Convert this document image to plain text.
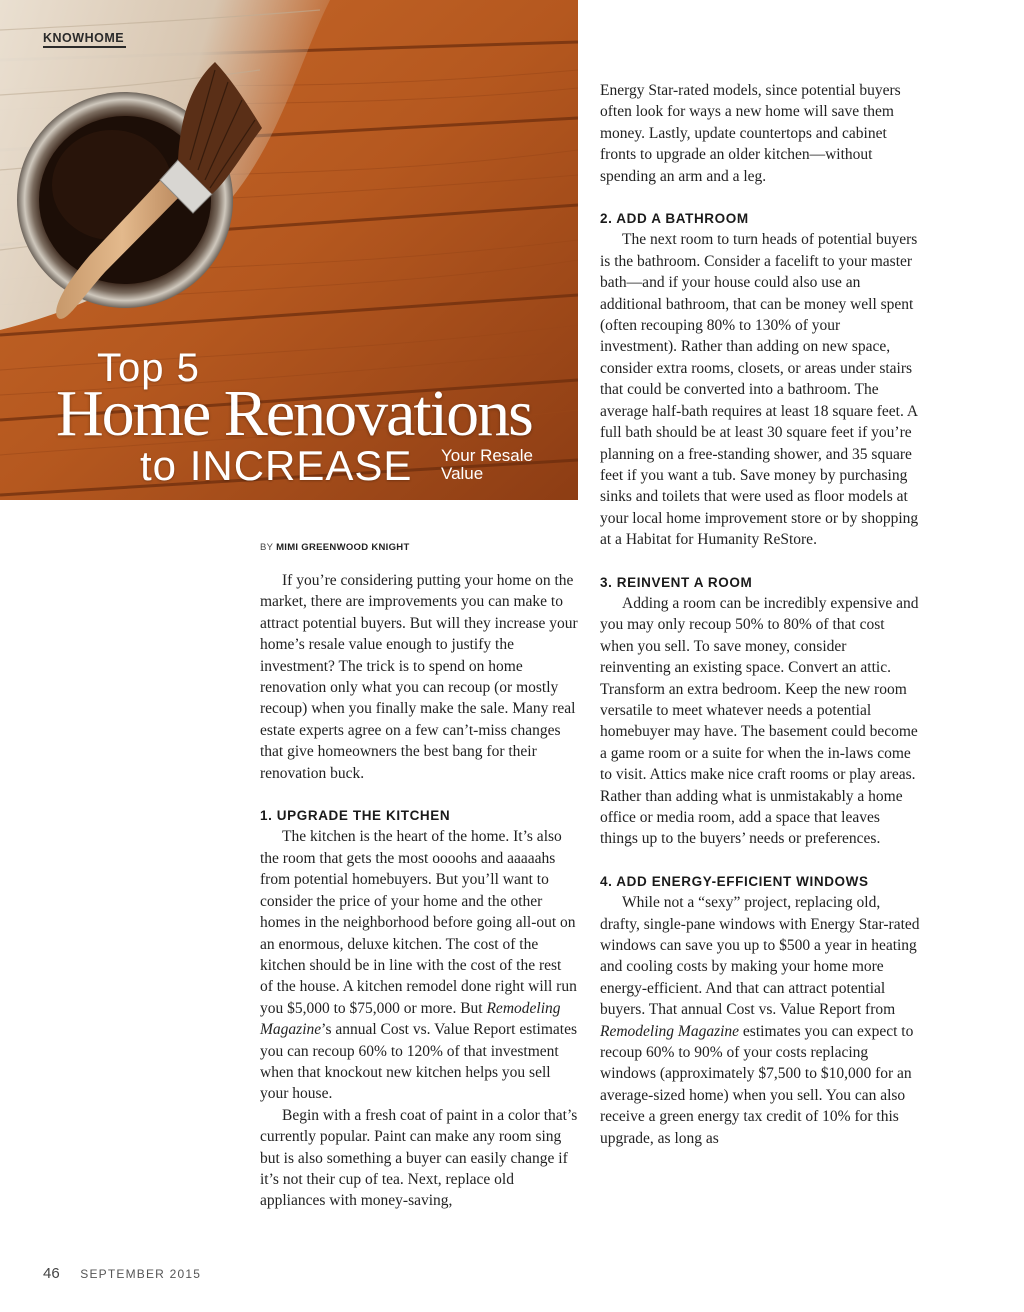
KNOWHOME
Top 5
Home Renovations
to INCREASE Your Resale Value
BY MIMI GREENWOOD KNIGHT

If you’re considering putting your home on the market, there are improvements you can make to attract potential buyers. But will they increase your home’s resale value enough to justify the investment? The trick is to spend on home renovation only what you can recoup (or mostly recoup) when you finally make the sale. Many real estate experts agree on a few can’t-miss changes that give homeowners the best bang for their renovation buck.

1. UPGRADE THE KITCHEN

The kitchen is the heart of the home. It’s also the room that gets the most oooohs and aaaaahs from potential homebuyers. But you’ll want to consider the price of your home and the other homes in the neighborhood before going all-out on an enormous, deluxe kitchen. The cost of the kitchen should be in line with the cost of the rest of the house. A kitchen remodel done right will run you $5,000 to $75,000 or more. But Remodeling Magazine’s annual Cost vs. Value Report estimates you can recoup 60% to 120% of that investment when that knockout new kitchen helps you sell your house.

Begin with a fresh coat of paint in a color that’s currently popular. Paint can make any room sing but is also something a buyer can easily change if it’s not their cup of tea. Next, replace old appliances with money-saving,

Energy Star-rated models, since potential buyers often look for ways a new home will save them money. Lastly, update countertops and cabinet fronts to upgrade an older kitchen—without spending an arm and a leg.

2. ADD A BATHROOM

The next room to turn heads of potential buyers is the bathroom. Consider a facelift to your master bath—and if your house could also use an additional bathroom, that can be money well spent (often recouping 80% to 130% of your investment). Rather than adding on new space, consider extra rooms, closets, or areas under stairs that could be converted into a bathroom. The average half-bath requires at least 18 square feet. A full bath should be at least 30 square feet if you’re planning on a free-standing shower, and 35 square feet if you want a tub. Save money by purchasing sinks and toilets that were used as floor models at your local home improvement store or by shopping at a Habitat for Humanity ReStore.

3. REINVENT A ROOM

Adding a room can be incredibly expensive and you may only recoup 50% to 80% of that cost when you sell. To save money, consider reinventing an existing space. Convert an attic. Transform an extra bedroom. Keep the new room versatile to meet whatever needs a potential homebuyer may have. The basement could become a game room or a suite for when the in-laws come to visit. Attics make nice craft rooms or play areas. Rather than adding what is unmistakably a home office or media room, add a space that leaves things up to the buyers’ needs or preferences.

4. ADD ENERGY-EFFICIENT WINDOWS

While not a “sexy” project, replacing old, drafty, single-pane windows with Energy Star-rated windows can save you up to $500 a year in heating and cooling costs by making your home more energy-efficient. And that can attract potential buyers. That annual Cost vs. Value Report from Remodeling Magazine estimates you can expect to recoup 60% to 90% of your costs replacing windows (approximately $7,500 to $10,000 for an average-sized home) when you sell. You can also receive a green energy tax credit of 10% for this upgrade, as long as

46 SEPTEMBER 2015
